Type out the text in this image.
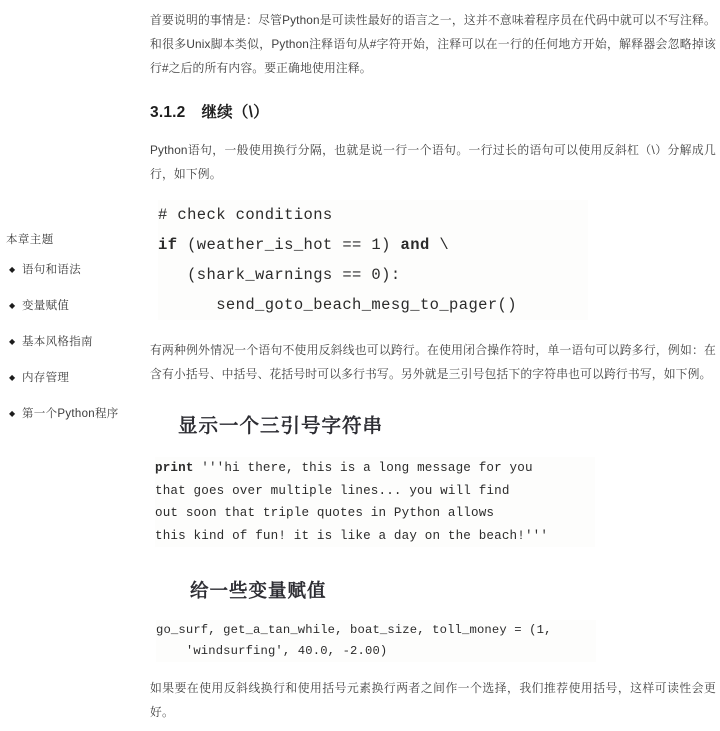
本章主题
◆ 语句和语法
◆ 变量赋值
◆ 基本风格指南
◆ 内存管理
◆ 第一个Python程序

首要说明的事情是：尽管Python是可读性最好的语言之一，这并不意味着程序员在代码中就可以不写注释。和很多Unix脚本类似，Python注释语句从#字符开始，注释可以在一行的任何地方开始，解释器会忽略掉该行#之后的所有内容。要正确地使用注释。

3.1.2 继续（\）

Python语句，一般使用换行分隔，也就是说一行一个语句。一行过长的语句可以使用反斜杠（\）分解成几行，如下例。

# check conditions
if (weather_is_hot == 1) and \
(shark_warnings == 0):
send_goto_beach_mesg_to_pager()

有两种例外情况一个语句不使用反斜线也可以跨行。在使用闭合操作符时，单一语句可以跨多行，例如：在含有小括号、中括号、花括号时可以多行书写。另外就是三引号包括下的字符串也可以跨行书写，如下例。

显示一个三引号字符串
print '''hi there, this is a long message for you
that goes over multiple lines... you will find
out soon that triple quotes in Python allows
this kind of fun! it is like a day on the beach!'''
给一些变量赋值
go_surf, get_a_tan_while, boat_size, toll_money = (1,
'windsurfing', 40.0, -2.00)

如果要在使用反斜线换行和使用括号元素换行两者之间作一个选择，我们推荐使用括号，这样可读性会更好。
